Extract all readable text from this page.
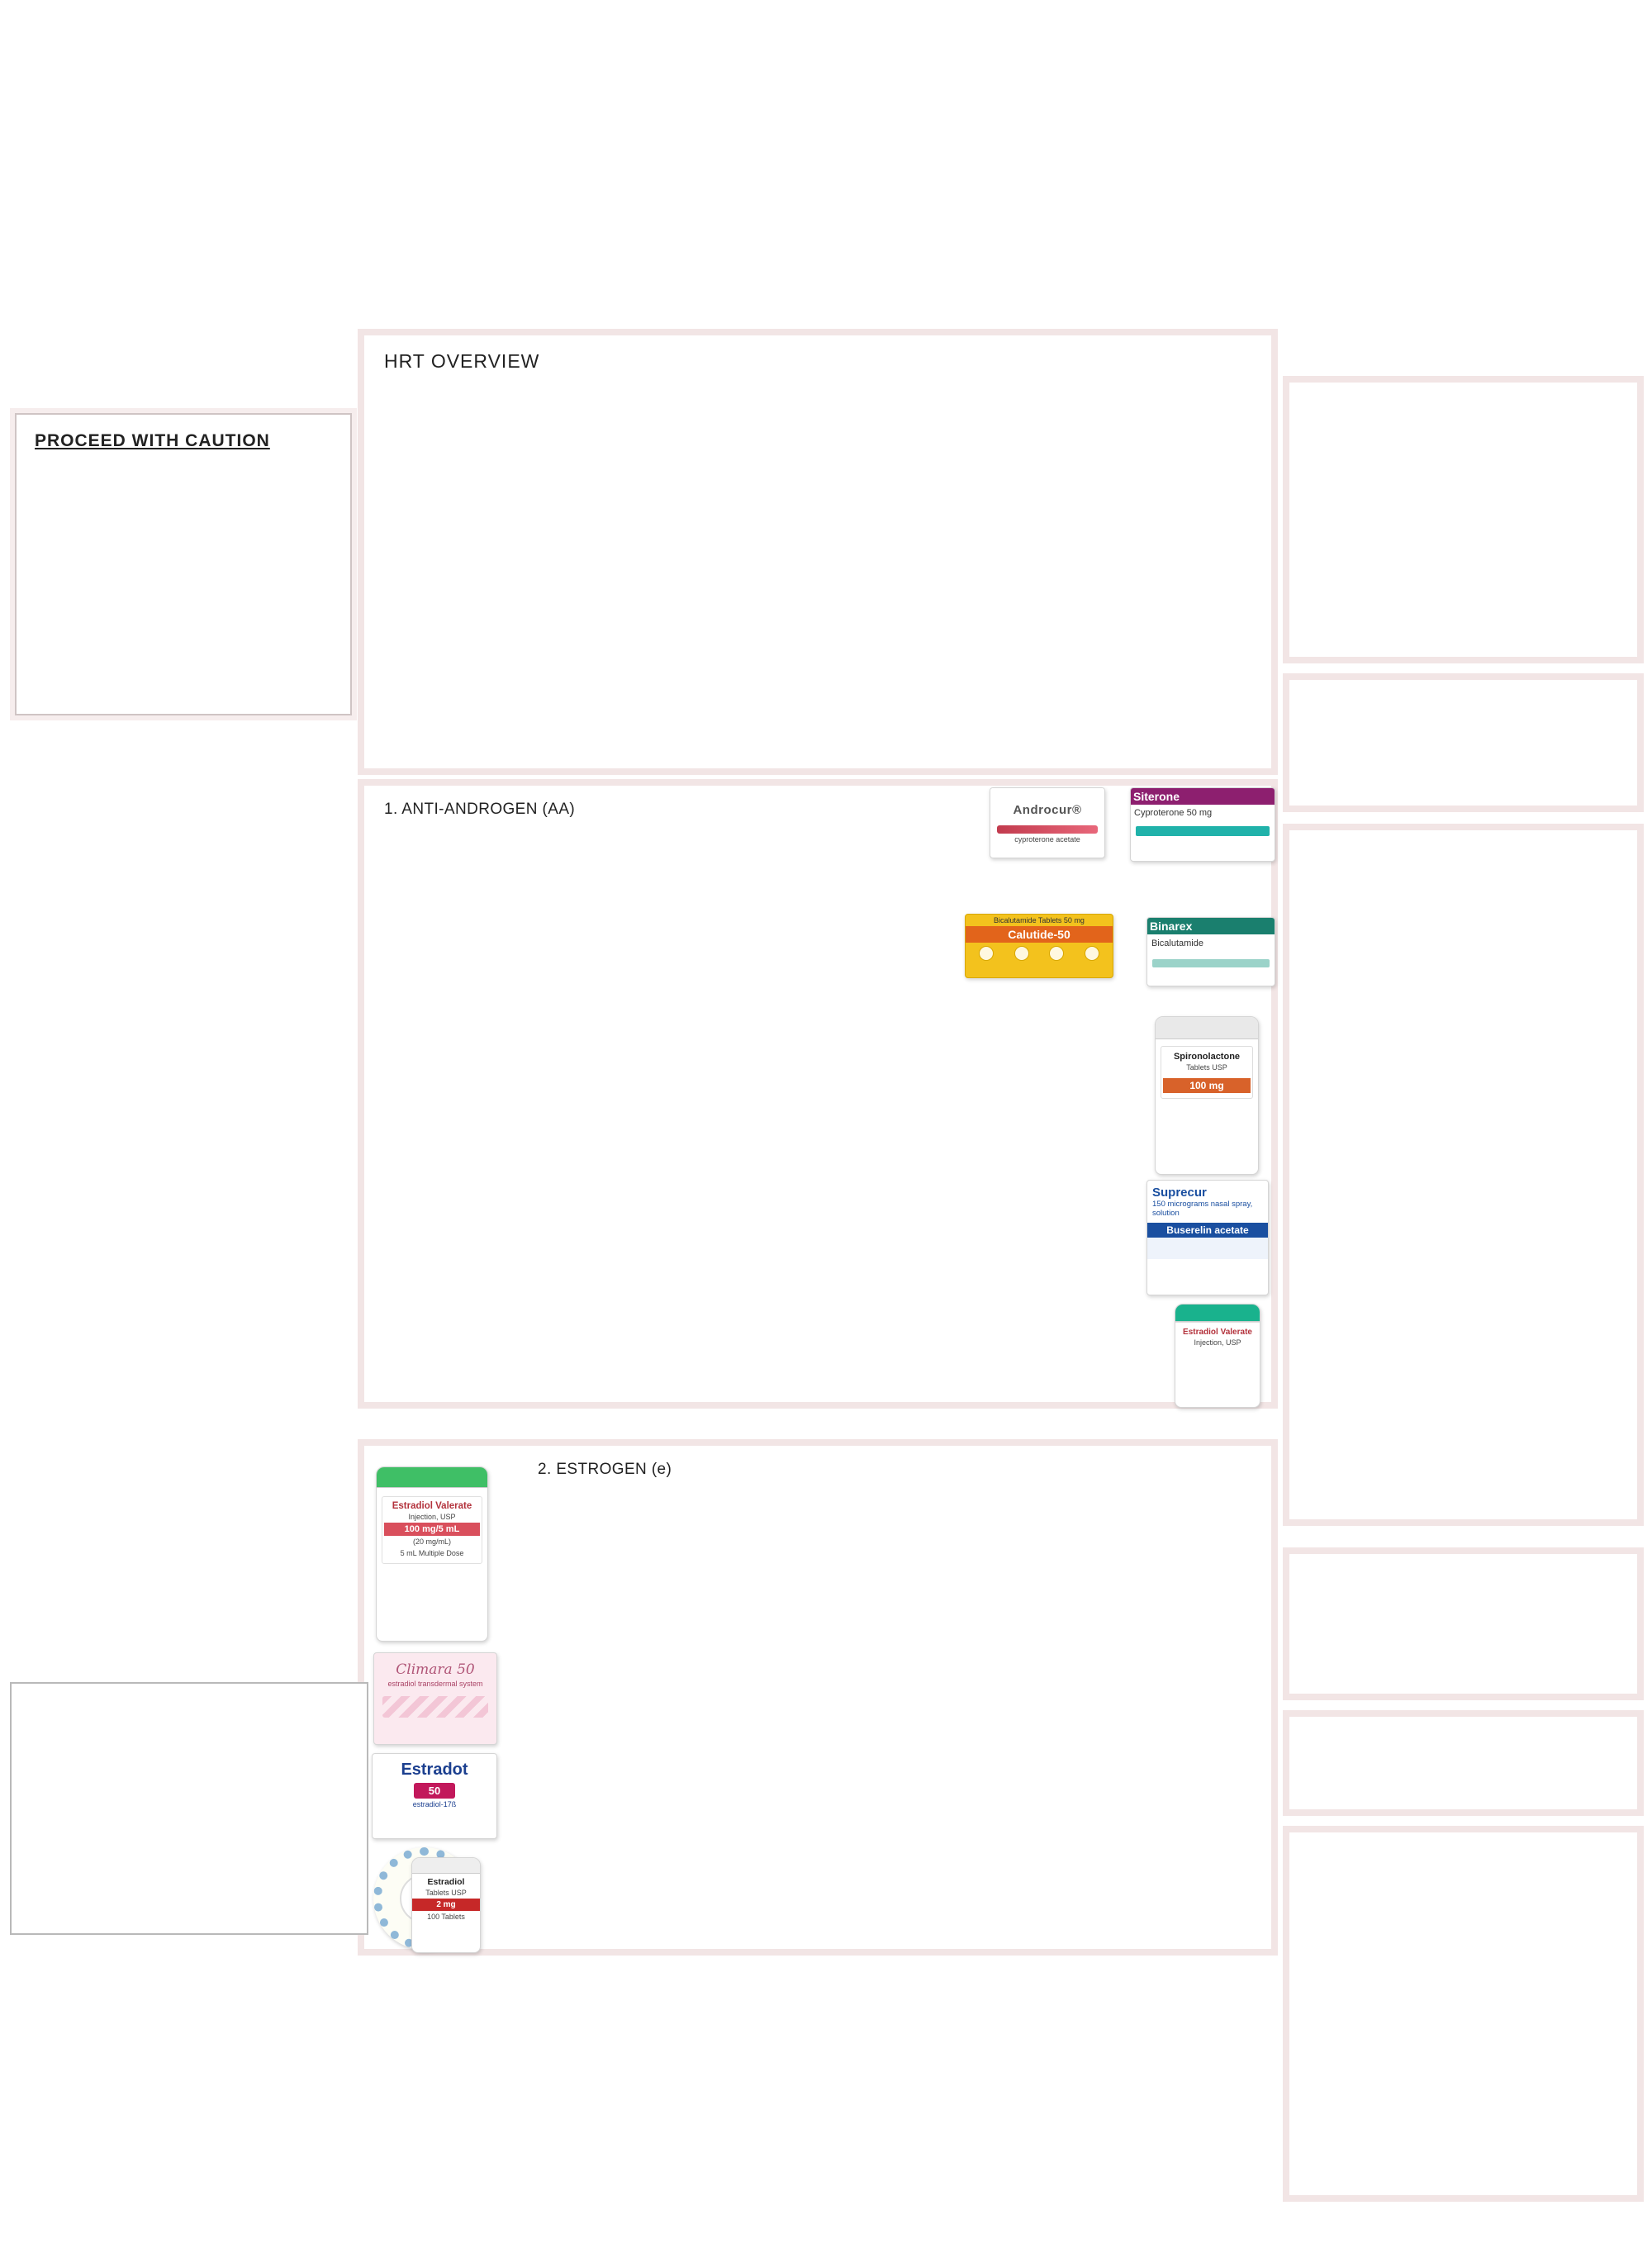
PROCEED WITH CAUTION
HRT OVERVIEW
1. ANTI-ANDROGEN (AA)
2. ESTROGEN (e)
Androcur®
cyproterone acetate
Siterone
Cyproterone 50 mg
Bicalutamide Tablets 50 mg
Calutide-50
Binarex
Bicalutamide
Spironolactone
Tablets USP
100 mg
Suprecur
150 micrograms nasal spray, solution
Buserelin acetate
Estradiol Valerate
Injection, USP
Estradiol Valerate
Injection, USP
100 mg/5 mL
(20 mg/mL)
5 mL Multiple Dose
Climara 50
estradiol transdermal system
Estradot
50
estradiol-17ß
Estradiol
Tablets USP
2 mg
100 Tablets
